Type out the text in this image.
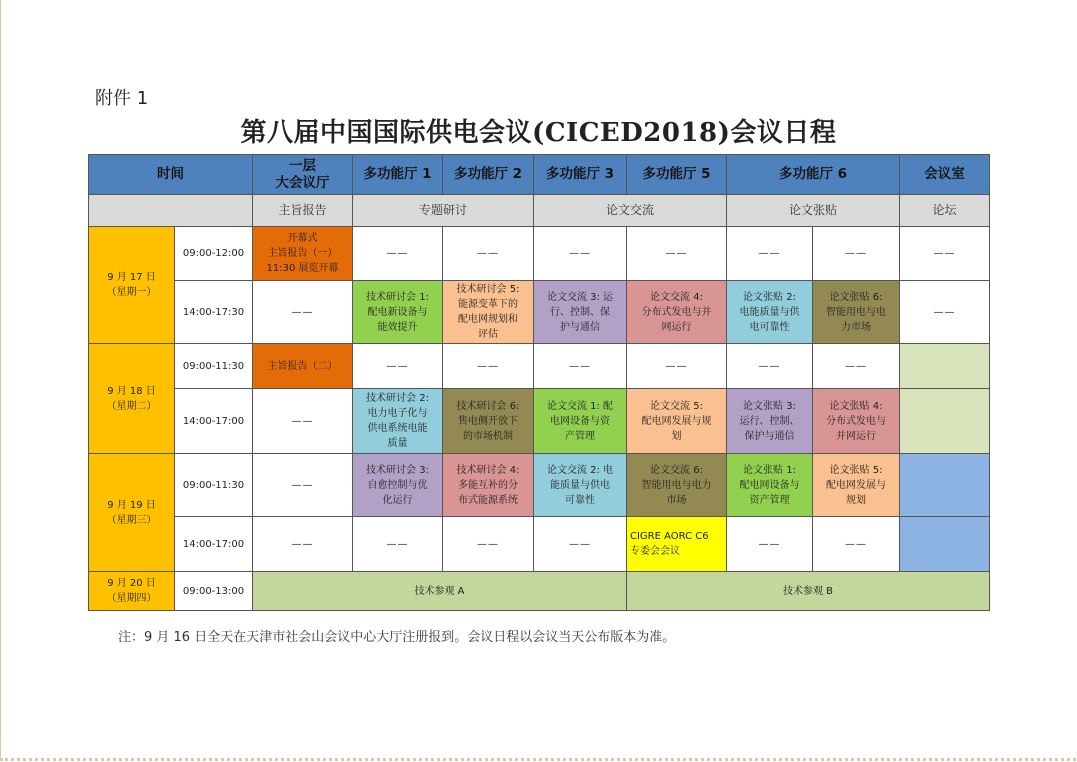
附件 1
第八届中国国际供电会议(CICED2018)会议日程
时间		一层
大会议厅	多功能厅 1	多功能厅 2	多功能厅 3	多功能厅 5	多功能厅 6		会议室
		主旨报告	专题研讨		论文交流		论文张贴		论坛
9 月 17 日
（星期一）	09:00-12:00	开幕式
主旨报告（一）
11:30 展览开幕	——	——	——	——	——	——	——
	14:00-17:30	——	技术研讨会 1:
配电新设备与
能效提升	技术研讨会 5:
能源变革下的
配电网规划和
评估	论文交流 3: 运
行、控制、保
护与通信	论文交流 4:
分布式发电与并
网运行	论文张贴 2:
电能质量与供
电可靠性	论文张贴 6:
智能用电与电
力市场	——
9 月 18 日
（星期二）	09:00-11:30	主旨报告（二）	——	——	——	——	——	——	
	14:00-17:00	——	技术研讨会 2:
电力电子化与
供电系统电能
质量	技术研讨会 6:
售电侧开放下
的市场机制	论文交流 1: 配
电网设备与资
产管理	论文交流 5:
配电网发展与规
划	论文张贴 3:
运行、控制、
保护与通信	论文张贴 4:
分布式发电与
并网运行	
9 月 19 日
（星期三）	09:00-11:30	——	技术研讨会 3:
自愈控制与优
化运行	技术研讨会 4:
多能互补的分
布式能源系统	论文交流 2: 电
能质量与供电
可靠性	论文交流 6:
智能用电与电力
市场	论文张贴 1:
配电网设备与
资产管理	论文张贴 5:
配电网发展与
规划	
	14:00-17:00	——	——	——	——	CIGRE AORC C6
专委会会议	——	——	
9 月 20 日
（星期四）	09:00-13:00	技术参观 A				技术参观 B			
注：9 月 16 日全天在天津市社会山会议中心大厅注册报到。会议日程以会议当天公布版本为准。
